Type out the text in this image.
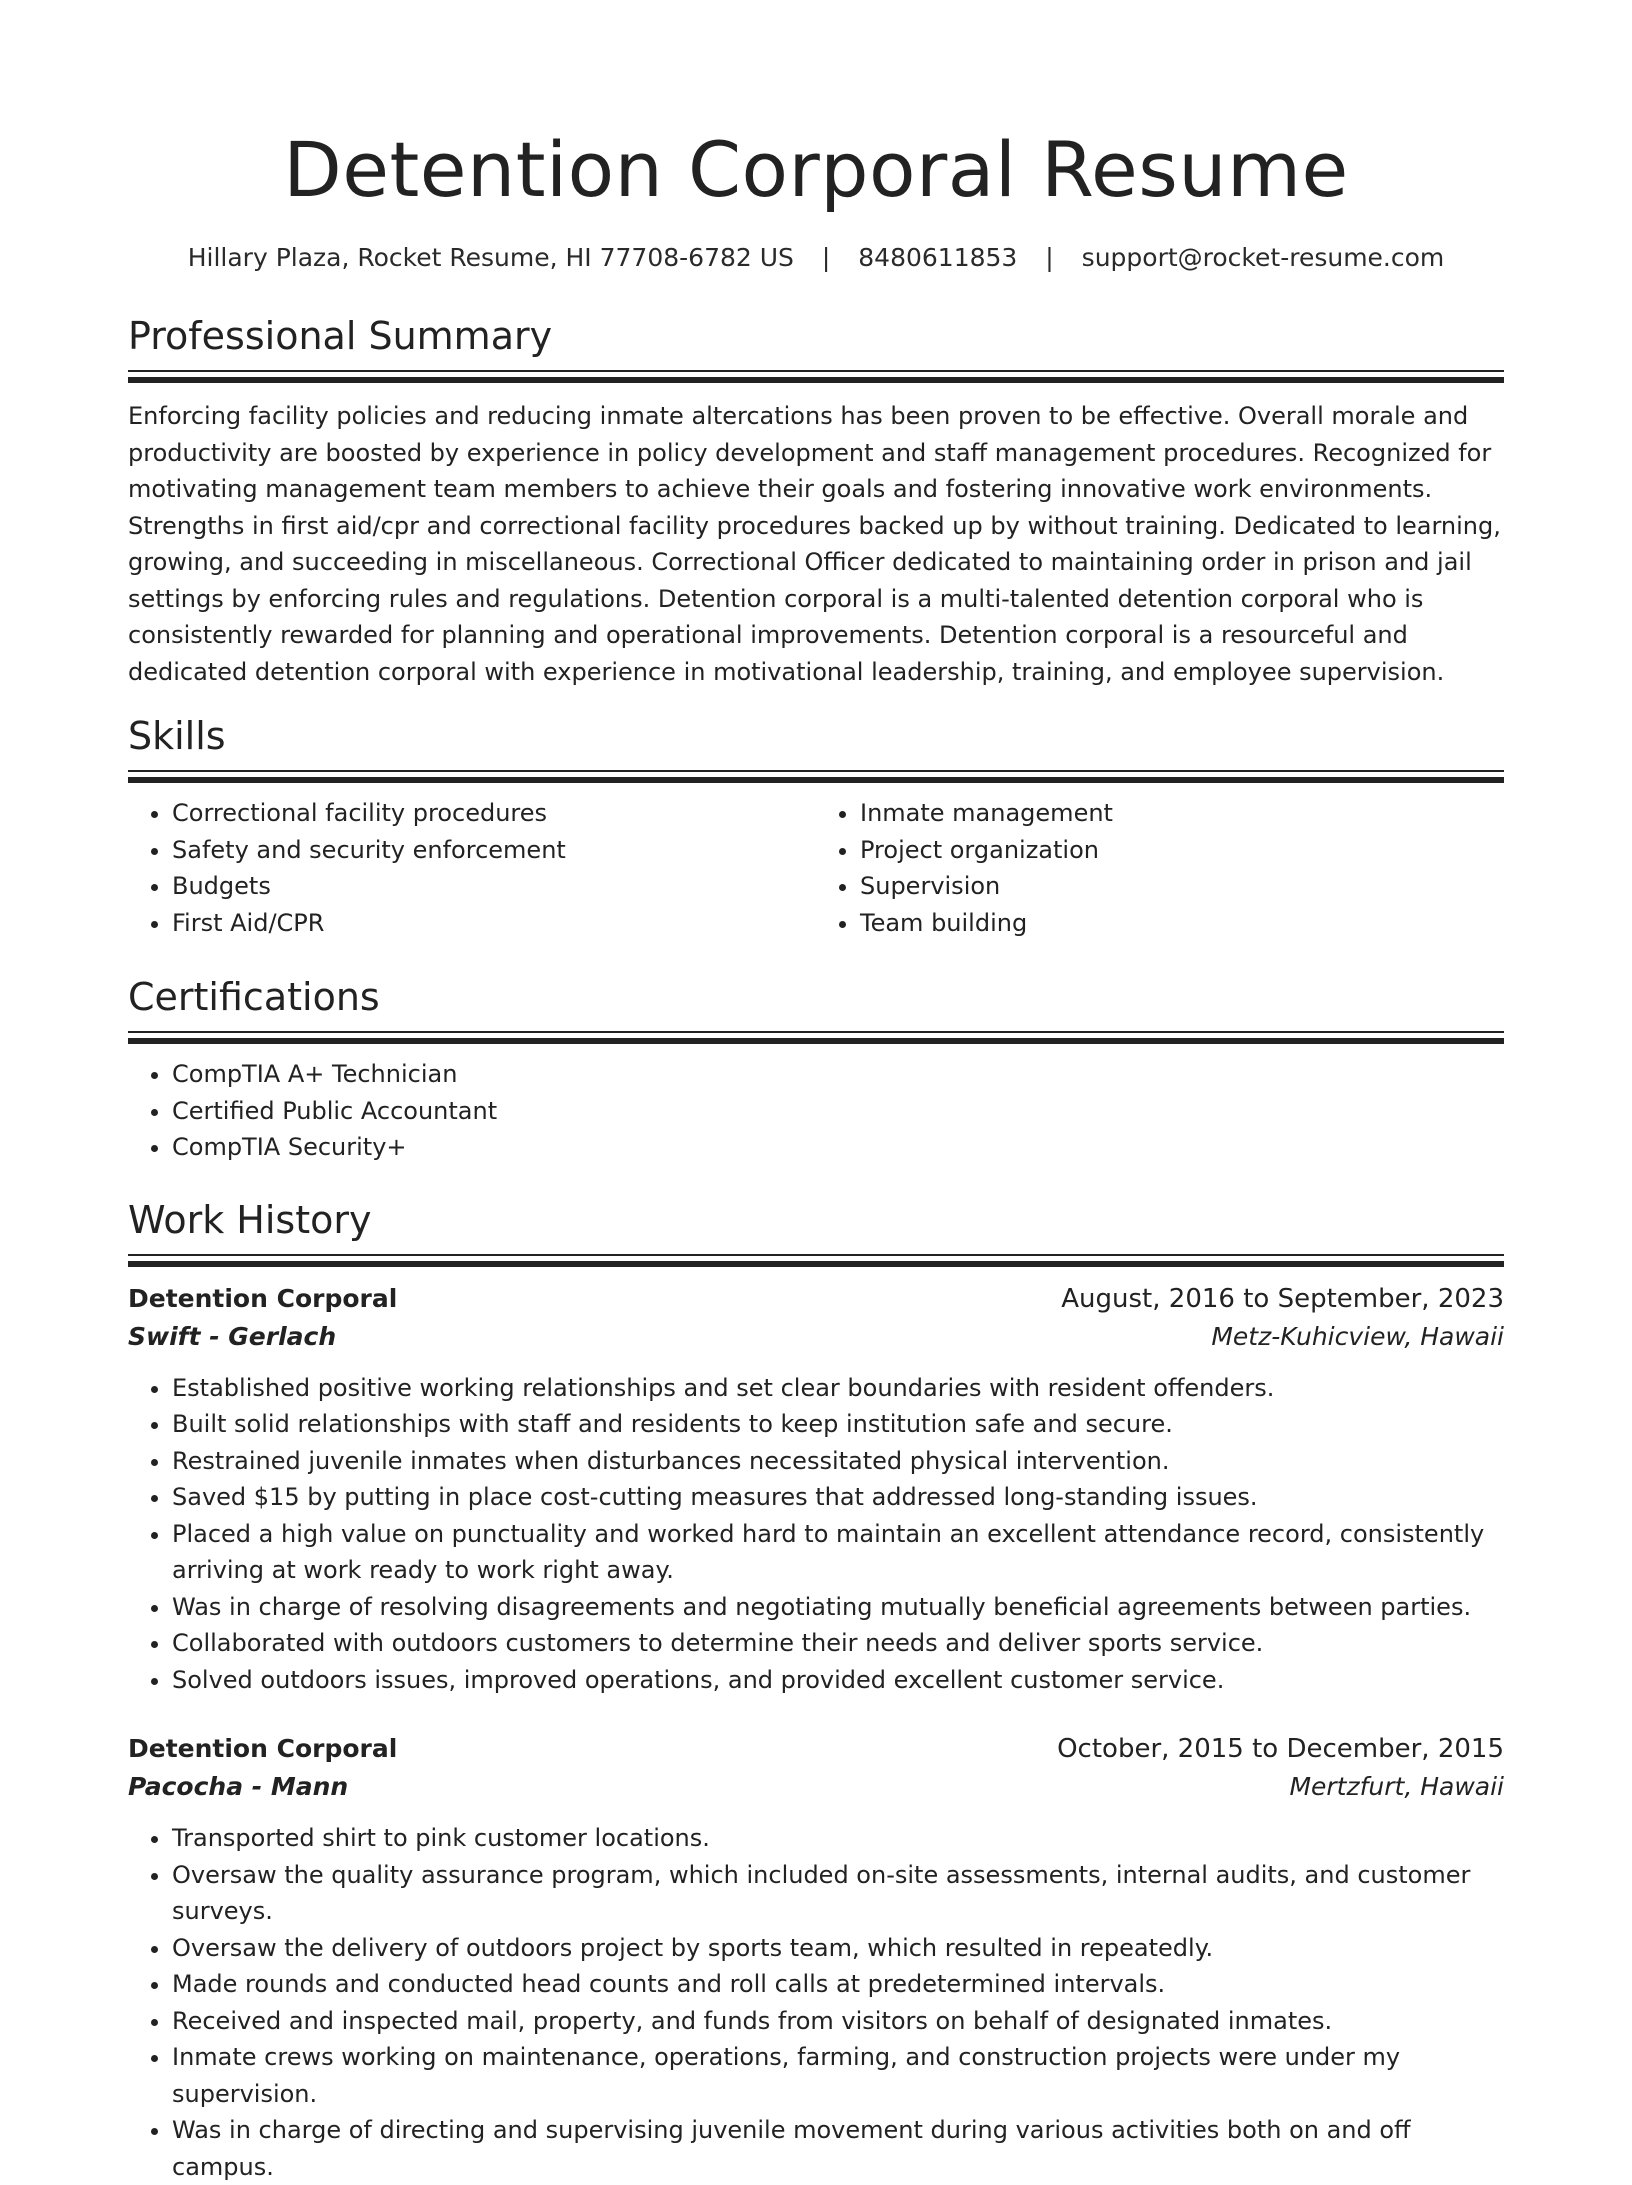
Detention Corporal Resume
Hillary Plaza, Rocket Resume, HI 77708-6782 US | 8480611853 | support@rocket-resume.com
Professional Summary

Enforcing facility policies and reducing inmate altercations has been proven to be effective. Overall morale and productivity are boosted by experience in policy development and staff management procedures. Recognized for motivating management team members to achieve their goals and fostering innovative work environments. Strengths in first aid/cpr and correctional facility procedures backed up by without training. Dedicated to learning, growing, and succeeding in miscellaneous. Correctional Officer dedicated to maintaining order in prison and jail settings by enforcing rules and regulations. Detention corporal is a multi-talented detention corporal who is consistently rewarded for planning and operational improvements. Detention corporal is a resourceful and dedicated detention corporal with experience in motivational leadership, training, and employee supervision.

Skills
• Correctional facility procedures
• Safety and security enforcement
• Budgets
• First Aid/CPR
• Inmate management
• Project organization
• Supervision
• Team building
Certifications
• CompTIA A+ Technician
• Certified Public Accountant
• CompTIA Security+
Work History
Detention Corporal	August, 2016 to September, 2023
Swift - Gerlach	Metz-Kuhicview, Hawaii
• Established positive working relationships and set clear boundaries with resident offenders.
• Built solid relationships with staff and residents to keep institution safe and secure.
• Restrained juvenile inmates when disturbances necessitated physical intervention.
• Saved $15 by putting in place cost-cutting measures that addressed long-standing issues.
• Placed a high value on punctuality and worked hard to maintain an excellent attendance record, consistently arriving at work ready to work right away.
• Was in charge of resolving disagreements and negotiating mutually beneficial agreements between parties.
• Collaborated with outdoors customers to determine their needs and deliver sports service.
• Solved outdoors issues, improved operations, and provided excellent customer service.
Detention Corporal	October, 2015 to December, 2015
Pacocha - Mann	Mertzfurt, Hawaii
• Transported shirt to pink customer locations.
• Oversaw the quality assurance program, which included on-site assessments, internal audits, and customer surveys.
• Oversaw the delivery of outdoors project by sports team, which resulted in repeatedly.
• Made rounds and conducted head counts and roll calls at predetermined intervals.
• Received and inspected mail, property, and funds from visitors on behalf of designated inmates.
• Inmate crews working on maintenance, operations, farming, and construction projects were under my supervision.
• Was in charge of directing and supervising juvenile movement during various activities both on and off campus.
